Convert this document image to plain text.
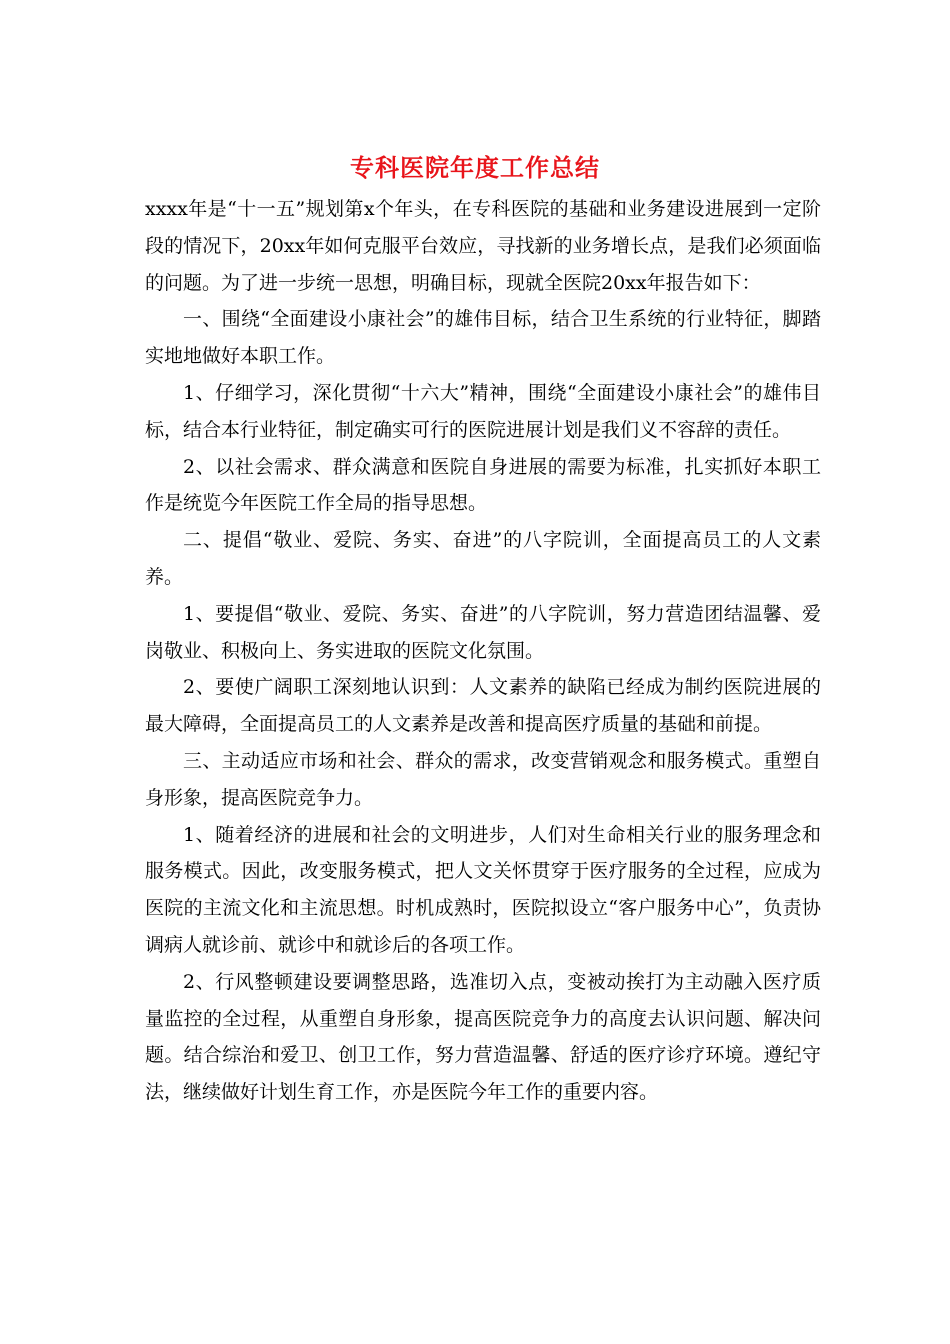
专科医院年度工作总结

xxxx年是“十一五”规划第x个年头，在专科医院的基础和业务建设进展到一定阶段的情况下，20xx年如何克服平台效应，寻找新的业务增长点，是我们必须面临的问题。为了进一步统一思想，明确目标，现就全医院20xx年报告如下：

一、围绕“全面建设小康社会”的雄伟目标，结合卫生系统的行业特征，脚踏实地地做好本职工作。

1、仔细学习，深化贯彻“十六大”精神，围绕“全面建设小康社会”的雄伟目标，结合本行业特征，制定确实可行的医院进展计划是我们义不容辞的责任。

2、以社会需求、群众满意和医院自身进展的需要为标准，扎实抓好本职工作是统览今年医院工作全局的指导思想。

二、提倡“敬业、爱院、务实、奋进”的八字院训，全面提高员工的人文素养。

1、要提倡“敬业、爱院、务实、奋进”的八字院训，努力营造团结温馨、爱岗敬业、积极向上、务实进取的医院文化氛围。

2、要使广阔职工深刻地认识到：人文素养的缺陷已经成为制约医院进展的最大障碍，全面提高员工的人文素养是改善和提高医疗质量的基础和前提。

三、主动适应市场和社会、群众的需求，改变营销观念和服务模式。重塑自身形象，提高医院竞争力。

1、随着经济的进展和社会的文明进步，人们对生命相关行业的服务理念和服务模式。因此，改变服务模式，把人文关怀贯穿于医疗服务的全过程，应成为医院的主流文化和主流思想。时机成熟时，医院拟设立“客户服务中心”，负责协调病人就诊前、就诊中和就诊后的各项工作。

2、行风整顿建设要调整思路，选准切入点，变被动挨打为主动融入医疗质量监控的全过程，从重塑自身形象，提高医院竞争力的高度去认识问题、解决问题。结合综治和爱卫、创卫工作，努力营造温馨、舒适的医疗诊疗环境。遵纪守法，继续做好计划生育工作，亦是医院今年工作的重要内容。
